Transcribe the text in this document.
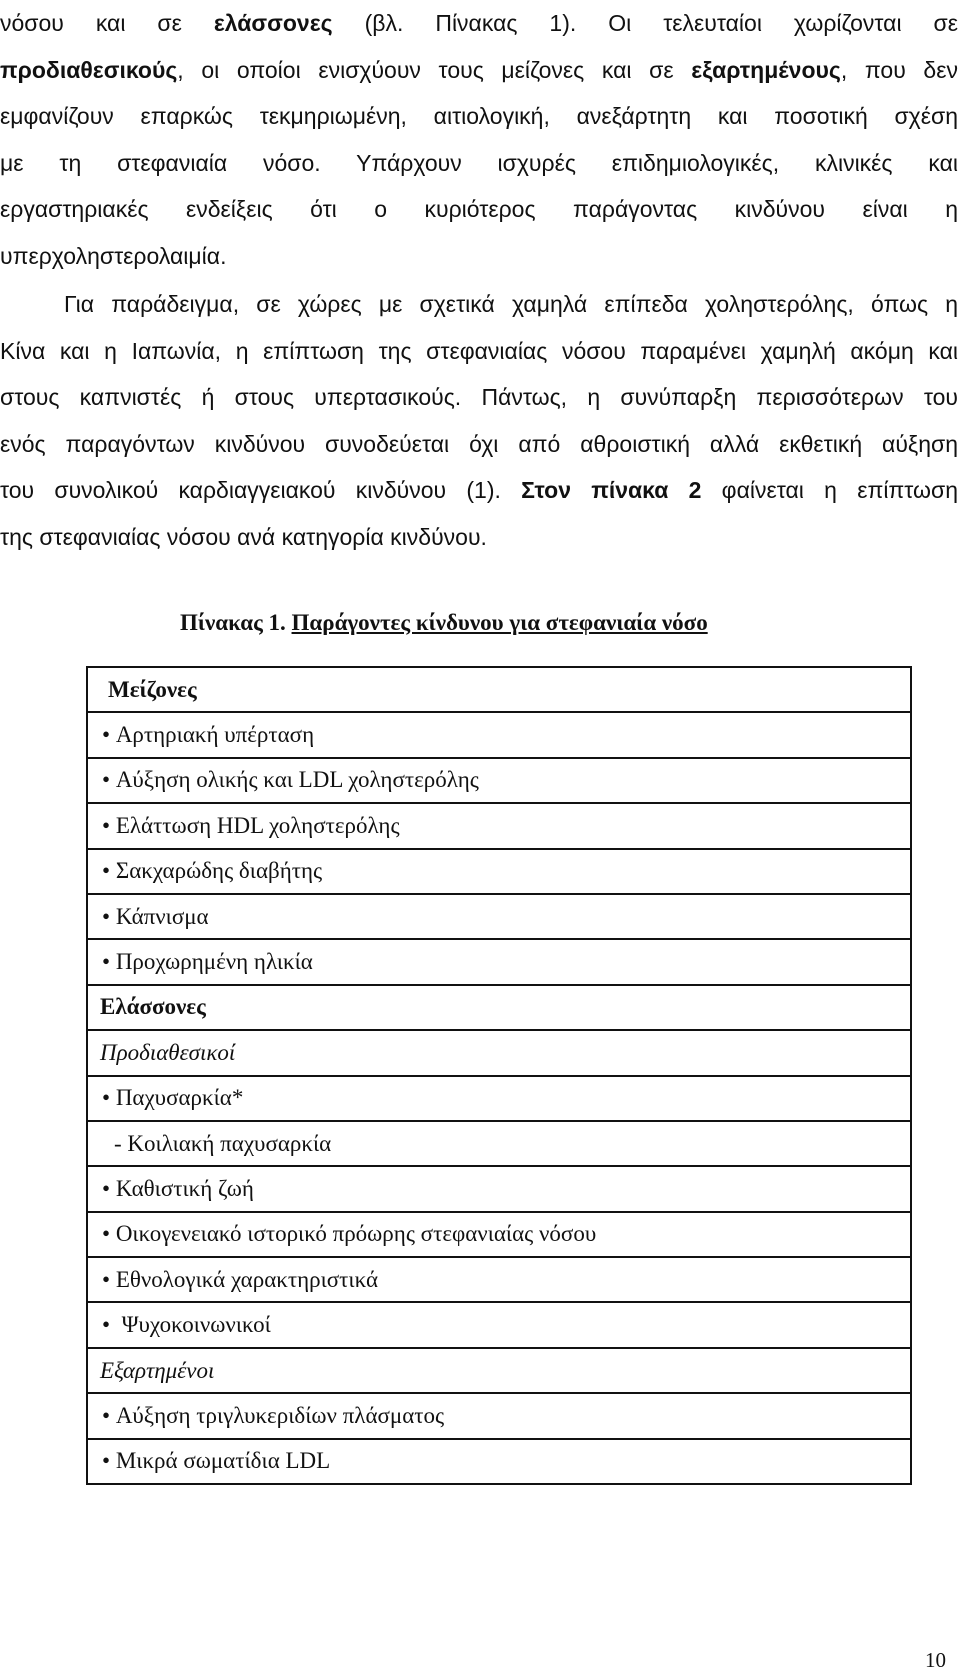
νόσου και σε ελάσσονες (βλ. Πίνακας 1). Οι τελευταίοι χωρίζονται σε
προδιαθεσικούς, οι οποίοι ενισχύουν τους μείζονες και σε εξαρτημένους, που δεν
εμφανίζουν επαρκώς τεκμηριωμένη, αιτιολογική, ανεξάρτητη και ποσοτική σχέση
με τη στεφανιαία νόσο. Υπάρχουν ισχυρές επιδημιολογικές, κλινικές και
εργαστηριακές ενδείξεις ότι ο κυριότερος παράγοντας κινδύνου είναι η
υπερχοληστερολαιμία.
Για παράδειγμα, σε χώρες με σχετικά χαμηλά επίπεδα χοληστερόλης, όπως η
Κίνα και η Ιαπωνία, η επίπτωση της στεφανιαίας νόσου παραμένει χαμηλή ακόμη και
στους καπνιστές ή στους υπερτασικούς. Πάντως, η συνύπαρξη περισσότερων του
ενός παραγόντων κινδύνου συνοδεύεται όχι από αθροιστική αλλά εκθετική αύξηση
του συνολικού καρδιαγγειακού κινδύνου (1). Στον πίνακα 2 φαίνεται η επίπτωση
της στεφανιαίας νόσου ανά κατηγορία κινδύνου.
Πίνακας 1. Παράγοντες κίνδυνου για στεφανιαία νόσο
Μείζονες
• Αρτηριακή υπέρταση
• Αύξηση ολικής και LDL χοληστερόλης
• Ελάττωση HDL χοληστερόλης
• Σακχαρώδης διαβήτης
• Κάπνισμα
• Προχωρημένη ηλικία
Ελάσσονες
Προδιαθεσικοί
• Παχυσαρκία*
- Κοιλιακή παχυσαρκία
• Καθιστική ζωή
• Οικογενειακό ιστορικό πρόωρης στεφανιαίας νόσου
• Εθνολογικά χαρακτηριστικά
•  Ψυχοκοινωνικοί
Εξαρτημένοι
• Αύξηση τριγλυκεριδίων πλάσματος
• Μικρά σωματίδια LDL
10
